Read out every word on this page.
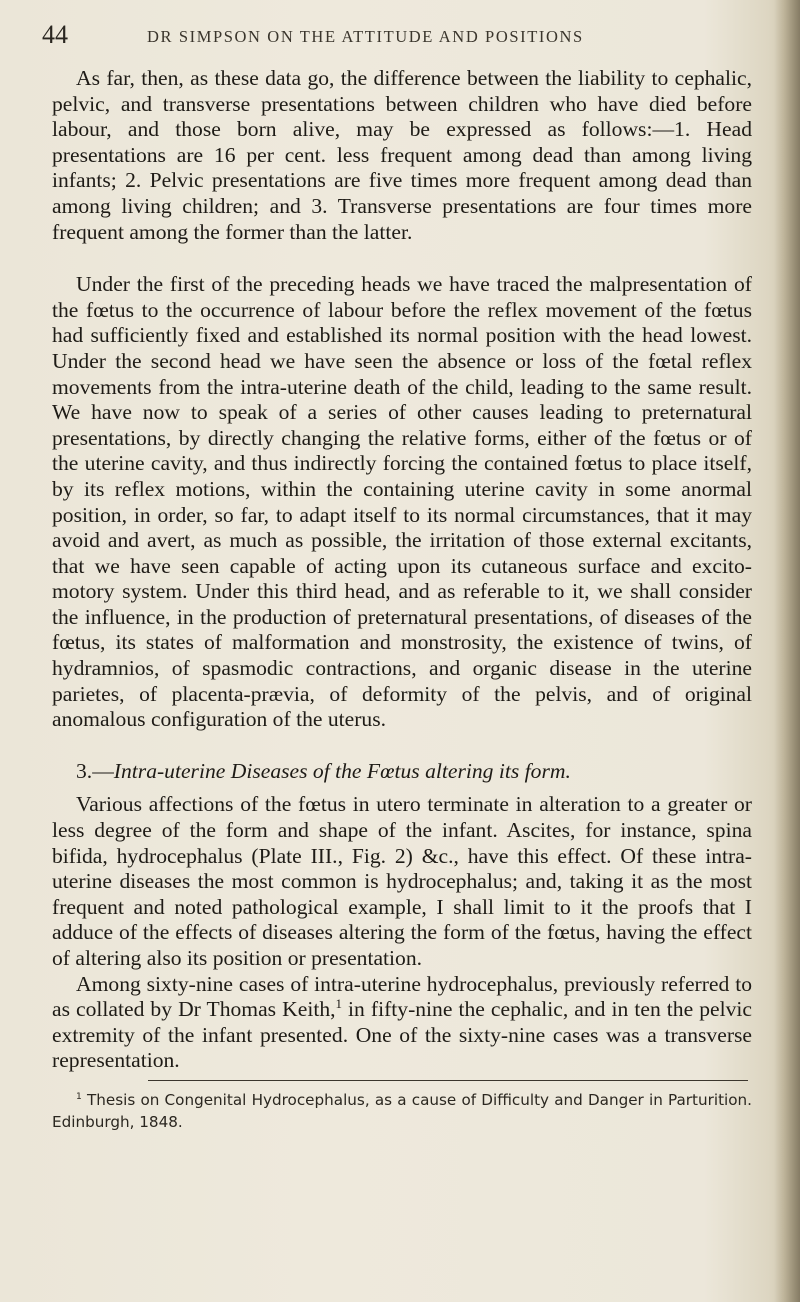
44	DR SIMPSON ON THE ATTITUDE AND POSITIONS

As far, then, as these data go, the difference between the liability to cephalic, pelvic, and transverse presentations between children who have died before labour, and those born alive, may be expressed as follows:—1. Head presentations are 16 per cent. less frequent among dead than among living infants; 2. Pelvic presentations are five times more frequent among dead than among living children; and 3. Transverse presentations are four times more frequent among the former than the latter.

Under the first of the preceding heads we have traced the malpresentation of the fœtus to the occurrence of labour before the reflex movement of the fœtus had sufficiently fixed and established its normal position with the head lowest. Under the second head we have seen the absence or loss of the fœtal reflex movements from the intra-uterine death of the child, leading to the same result. We have now to speak of a series of other causes leading to preternatural presentations, by directly changing the relative forms, either of the fœtus or of the uterine cavity, and thus indirectly forcing the contained fœtus to place itself, by its reflex motions, within the containing uterine cavity in some anormal position, in order, so far, to adapt itself to its normal circumstances, that it may avoid and avert, as much as possible, the irritation of those external excitants, that we have seen capable of acting upon its cutaneous surface and excito-motory system. Under this third head, and as referable to it, we shall consider the influence, in the production of preternatural presentations, of diseases of the fœtus, its states of malformation and monstrosity, the existence of twins, of hydramnios, of spasmodic contractions, and organic disease in the uterine parietes, of placenta-prævia, of deformity of the pelvis, and of original anomalous configuration of the uterus.

3.—Intra-uterine Diseases of the Fœtus altering its form.

Various affections of the fœtus in utero terminate in alteration to a greater or less degree of the form and shape of the infant. Ascites, for instance, spina bifida, hydrocephalus (Plate III., Fig. 2) &c., have this effect. Of these intra-uterine diseases the most common is hydrocephalus; and, taking it as the most frequent and noted pathological example, I shall limit to it the proofs that I adduce of the effects of diseases altering the form of the fœtus, having the effect of altering also its position or presentation.

Among sixty-nine cases of intra-uterine hydrocephalus, previously referred to as collated by Dr Thomas Keith,$^1$ in fifty-nine the cephalic, and in ten the pelvic extremity of the infant presented. One of the sixty-nine cases was a transverse representation.

$^1$ Thesis on Congenital Hydrocephalus, as a cause of Difficulty and Danger in Parturition. Edinburgh, 1848.
